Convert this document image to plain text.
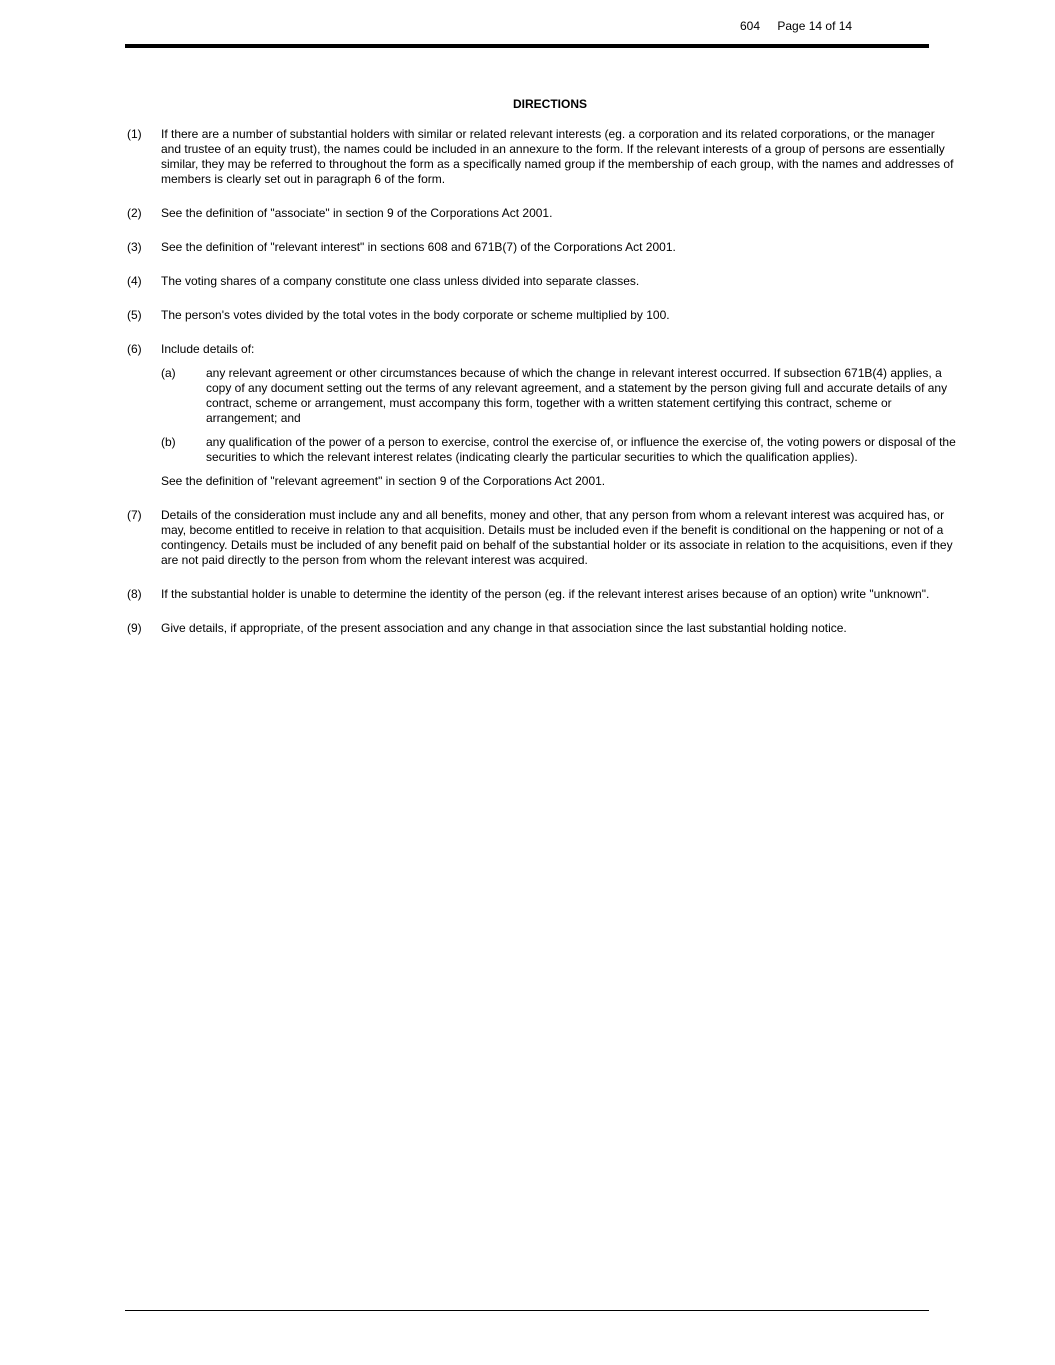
604 Page 14 of 14
DIRECTIONS
(1) If there are a number of substantial holders with similar or related relevant interests (eg. a corporation and its related corporations, or the manager and trustee of an equity trust), the names could be included in an annexure to the form. If the relevant interests of a group of persons are essentially similar, they may be referred to throughout the form as a specifically named group if the membership of each group, with the names and addresses of members is clearly set out in paragraph 6 of the form.
(2) See the definition of "associate" in section 9 of the Corporations Act 2001.
(3) See the definition of "relevant interest" in sections 608 and 671B(7) of the Corporations Act 2001.
(4) The voting shares of a company constitute one class unless divided into separate classes.
(5) The person's votes divided by the total votes in the body corporate or scheme multiplied by 100.
(6) Include details of:
(a)	any relevant agreement or other circumstances because of which the change in relevant interest occurred. If subsection 671B(4) applies, a copy of any document setting out the terms of any relevant agreement, and a statement by the person giving full and accurate details of any contract, scheme or arrangement, must accompany this form, together with a written statement certifying this contract, scheme or arrangement; and
(b)	any qualification of the power of a person to exercise, control the exercise of, or influence the exercise of, the voting powers or disposal of the securities to which the relevant interest relates (indicating clearly the particular securities to which the qualification applies).
See the definition of "relevant agreement" in section 9 of the Corporations Act 2001.
(7) Details of the consideration must include any and all benefits, money and other, that any person from whom a relevant interest was acquired has, or may, become entitled to receive in relation to that acquisition. Details must be included even if the benefit is conditional on the happening or not of a contingency. Details must be included of any benefit paid on behalf of the substantial holder or its associate in relation to the acquisitions, even if they are not paid directly to the person from whom the relevant interest was acquired.
(8) If the substantial holder is unable to determine the identity of the person (eg. if the relevant interest arises because of an option) write "unknown".
(9) Give details, if appropriate, of the present association and any change in that association since the last substantial holding notice.
